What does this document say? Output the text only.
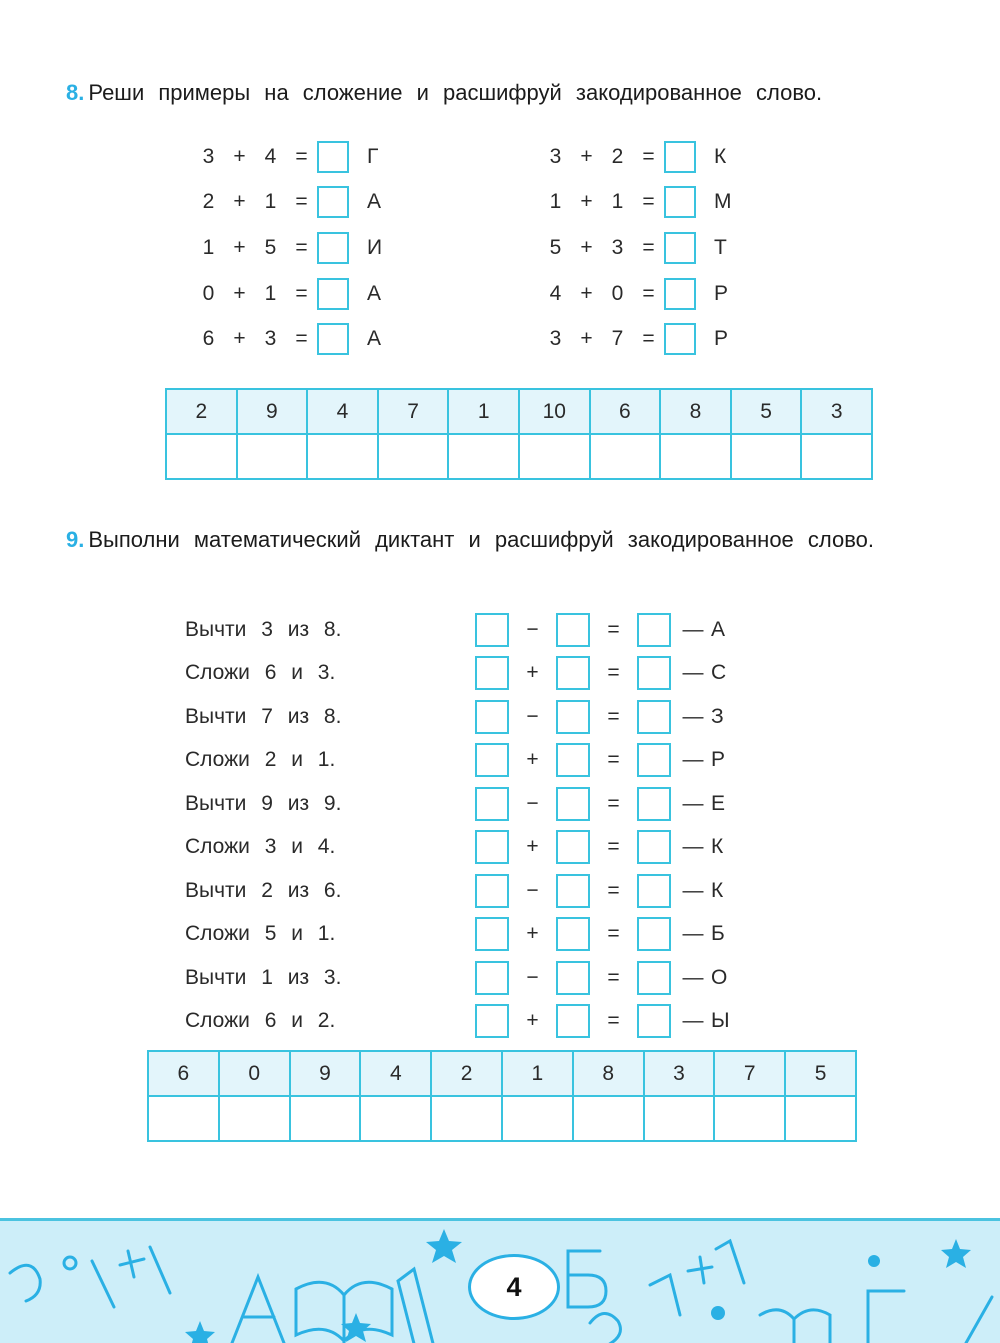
8. Реши примеры на сложение и расшифруй закодированное слово.
3 + 4 =	Г
2 + 1 =	А
1 + 5 =	И
0 + 1 =	А
6 + 3 =	А
3 + 2 =	К
1 + 1 =	М
5 + 3 =	Т
4 + 0 =	Р
3 + 7 =	Р
2	9	4	7	1	10	6	8	5	3

9. Выполни математический диктант и расшифруй закодированное слово.
Вычти 3 из 8.	−	=	— А
Сложи 6 и 3.	+	=	— С
Вычти 7 из 8.	−	=	— З
Сложи 2 и 1.	+	=	— Р
Вычти 9 из 9.	−	=	— Е
Сложи 3 и 4.	+	=	— К
Вычти 2 из 6.	−	=	— К
Сложи 5 и 1.	+	=	— Б
Вычти 1 из 3.	−	=	— О
Сложи 6 и 2.	+	=	— Ы
6	0	9	4	2	1	8	3	7	5

4
